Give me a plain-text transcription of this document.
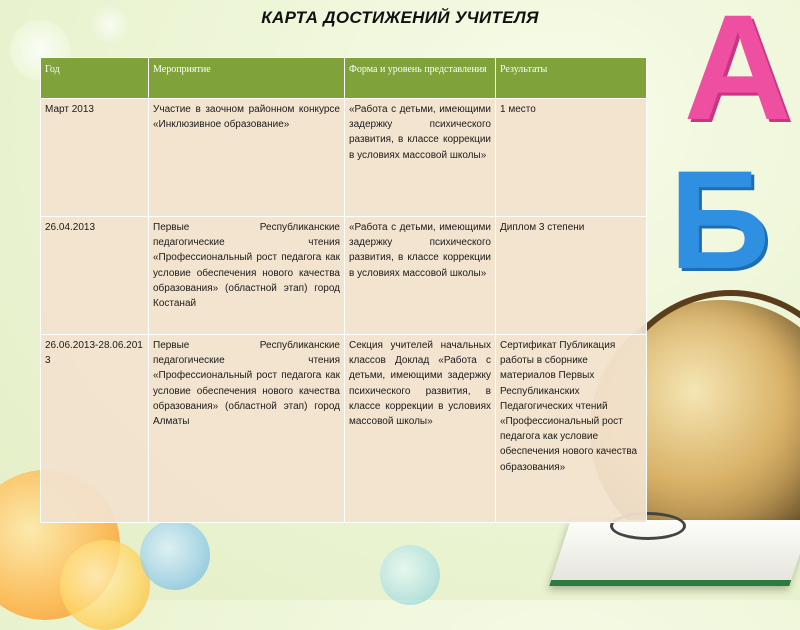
А
Б
КАРТА ДОСТИЖЕНИЙ УЧИТЕЛЯ
Год	Мероприятие	Форма и уровень представления	Результаты
Март 2013	Участие в заочном районном конкурсе «Инклюзивное образование»	«Работа с детьми, имеющими задержку психического развития, в классе коррекции в условиях массовой школы»	1 место
26.04.2013	Первые Республиканские педагогические чтения «Профессиональный рост педагога как условие обеспечения нового качества образования» (областной этап) город Костанай	«Работа с детьми, имеющими задержку психического развития, в классе коррекции в условиях массовой школы»	Диплом 3 степени
26.06.2013-28.06.2013	Первые Республиканские педагогические чтения «Профессиональный рост педагога как условие обеспечения нового качества образования» (областной этап) город Алматы	Секция учителей начальных классов Доклад «Работа с детьми, имеющими задержку психического развития, в классе коррекции в условиях массовой школы»	Сертификат Публикация работы в сборнике материалов Первых Республиканских Педагогических чтений «Профессиональный рост педагога как условие обеспечения нового качества образования»
